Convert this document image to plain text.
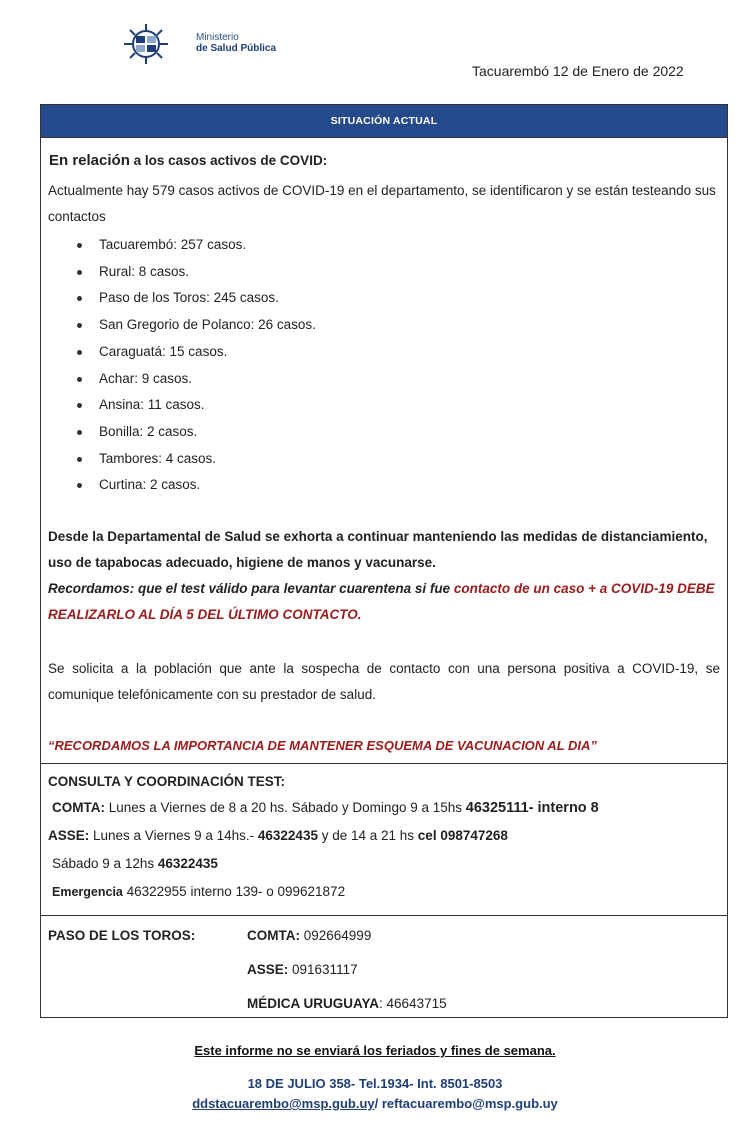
Ministerio
de Salud Pública
Tacuarembó 12 de Enero de 2022
SITUACIÓN ACTUAL
En relación a los casos activos de COVID:
Actualmente hay 579 casos activos de COVID-19 en el departamento, se identificaron y se están testeando sus contactos
Tacuarembó: 257 casos.
Rural: 8 casos.
Paso de los Toros: 245 casos.
San Gregorio de Polanco: 26 casos.
Caraguatá: 15 casos.
Achar: 9 casos.
Ansina: 11 casos.
Bonilla: 2 casos.
Tambores: 4 casos.
Curtina: 2 casos.
Desde la Departamental de Salud se exhorta a continuar manteniendo las medidas de distanciamiento, uso de tapabocas adecuado, higiene de manos y vacunarse.
Recordamos: que el test válido para levantar cuarentena si fue contacto de un caso + a COVID-19 DEBE REALIZARLO AL DÍA 5 DEL ÚLTIMO CONTACTO.
Se solicita a la población que ante la sospecha de contacto con una persona positiva a COVID-19, se comunique telefónicamente con su prestador de salud.
“RECORDAMOS LA IMPORTANCIA DE MANTENER ESQUEMA DE VACUNACION AL DIA”
CONSULTA Y COORDINACIÓN TEST:
COMTA: Lunes a Viernes de 8 a 20 hs. Sábado y Domingo 9 a 15hs 46325111- interno 8
ASSE: Lunes a Viernes 9 a 14hs.- 46322435 y de 14 a 21 hs cel 098747268
Sábado 9 a 12hs 46322435
Emergencia 46322955 interno 139- o 099621872
PASO DE LOS TOROS:	COMTA: 092664999
ASSE: 091631117
MÉDICA URUGUAYA: 46643715
Este informe no se enviará los feriados y fines de semana.
18 DE JULIO 358- Tel.1934- Int. 8501-8503
ddstacuarembo@msp.gub.uy/ reftacuarembo@msp.gub.uy
